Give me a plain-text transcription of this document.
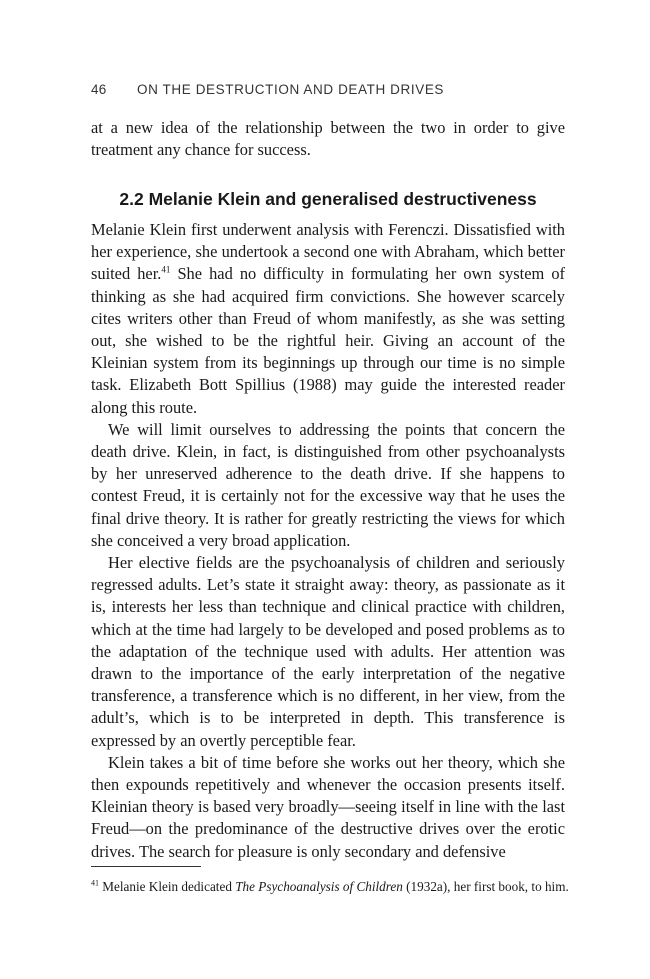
46 ON THE DESTRUCTION AND DEATH DRIVES

at a new idea of the relationship between the two in order to give treatment any chance for success.

2.2 Melanie Klein and generalised destructiveness

Melanie Klein first underwent analysis with Ferenczi. Dissatisfied with her experience, she undertook a second one with Abraham, which better suited her.$^{41}$ She had no difficulty in formulating her own system of thinking as she had acquired firm convictions. She however scarcely cites writers other than Freud of whom manifestly, as she was setting out, she wished to be the rightful heir. Giving an account of the Kleinian system from its beginnings up through our time is no simple task. Elizabeth Bott Spillius (1988) may guide the interested reader along this route.

We will limit ourselves to addressing the points that concern the death drive. Klein, in fact, is distinguished from other psychoanalysts by her unreserved adherence to the death drive. If she happens to contest Freud, it is certainly not for the excessive way that he uses the final drive theory. It is rather for greatly restricting the views for which she conceived a very broad application.

Her elective fields are the psychoanalysis of children and seriously regressed adults. Let’s state it straight away: theory, as passionate as it is, interests her less than technique and clinical practice with children, which at the time had largely to be developed and posed problems as to the adaptation of the technique used with adults. Her attention was drawn to the importance of the early interpretation of the negative transference, a transference which is no different, in her view, from the adult’s, which is to be interpreted in depth. This transference is expressed by an overtly perceptible fear.

Klein takes a bit of time before she works out her theory, which she then expounds repetitively and whenever the occasion presents itself. Kleinian theory is based very broadly—seeing itself in line with the last Freud—on the predominance of the destructive drives over the erotic drives. The search for pleasure is only secondary and defensive

$^{41}$ Melanie Klein dedicated The Psychoanalysis of Children (1932a), her first book, to him.
